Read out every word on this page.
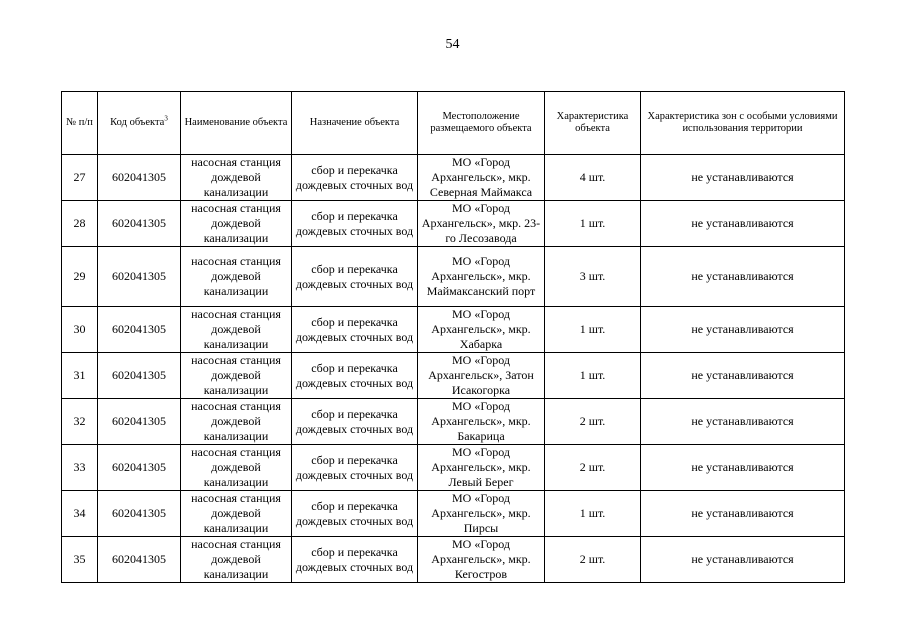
54
№ п/п	Код объекта$^3$	Наименование объекта	Назначение объекта	Местоположение размещаемого объекта	Характеристика объекта	Характеристика зон с особыми условиями использования территории
27	602041305	насосная станция дождевой канализации	сбор и перекачка дождевых сточных вод	МО «Город Архангельск», мкр. Северная Маймакса	4 шт.	не устанавливаются
28	602041305	насосная станция дождевой канализации	сбор и перекачка дождевых сточных вод	МО «Город Архангельск», мкр. 23-го Лесозавода	1 шт.	не устанавливаются
29	602041305	насосная станция дождевой канализации	сбор и перекачка дождевых сточных вод	МО «Город Архангельск», мкр. Маймаксанский порт	3 шт.	не устанавливаются
30	602041305	насосная станция дождевой канализации	сбор и перекачка дождевых сточных вод	МО «Город Архангельск», мкр. Хабарка	1 шт.	не устанавливаются
31	602041305	насосная станция дождевой канализации	сбор и перекачка дождевых сточных вод	МО «Город Архангельск», Затон Исакогорка	1 шт.	не устанавливаются
32	602041305	насосная станция дождевой канализации	сбор и перекачка дождевых сточных вод	МО «Город Архангельск», мкр. Бакарица	2 шт.	не устанавливаются
33	602041305	насосная станция дождевой канализации	сбор и перекачка дождевых сточных вод	МО «Город Архангельск», мкр. Левый Берег	2 шт.	не устанавливаются
34	602041305	насосная станция дождевой канализации	сбор и перекачка дождевых сточных вод	МО «Город Архангельск», мкр. Пирсы	1 шт.	не устанавливаются
35	602041305	насосная станция дождевой канализации	сбор и перекачка дождевых сточных вод	МО «Город Архангельск», мкр. Кегостров	2 шт.	не устанавливаются
